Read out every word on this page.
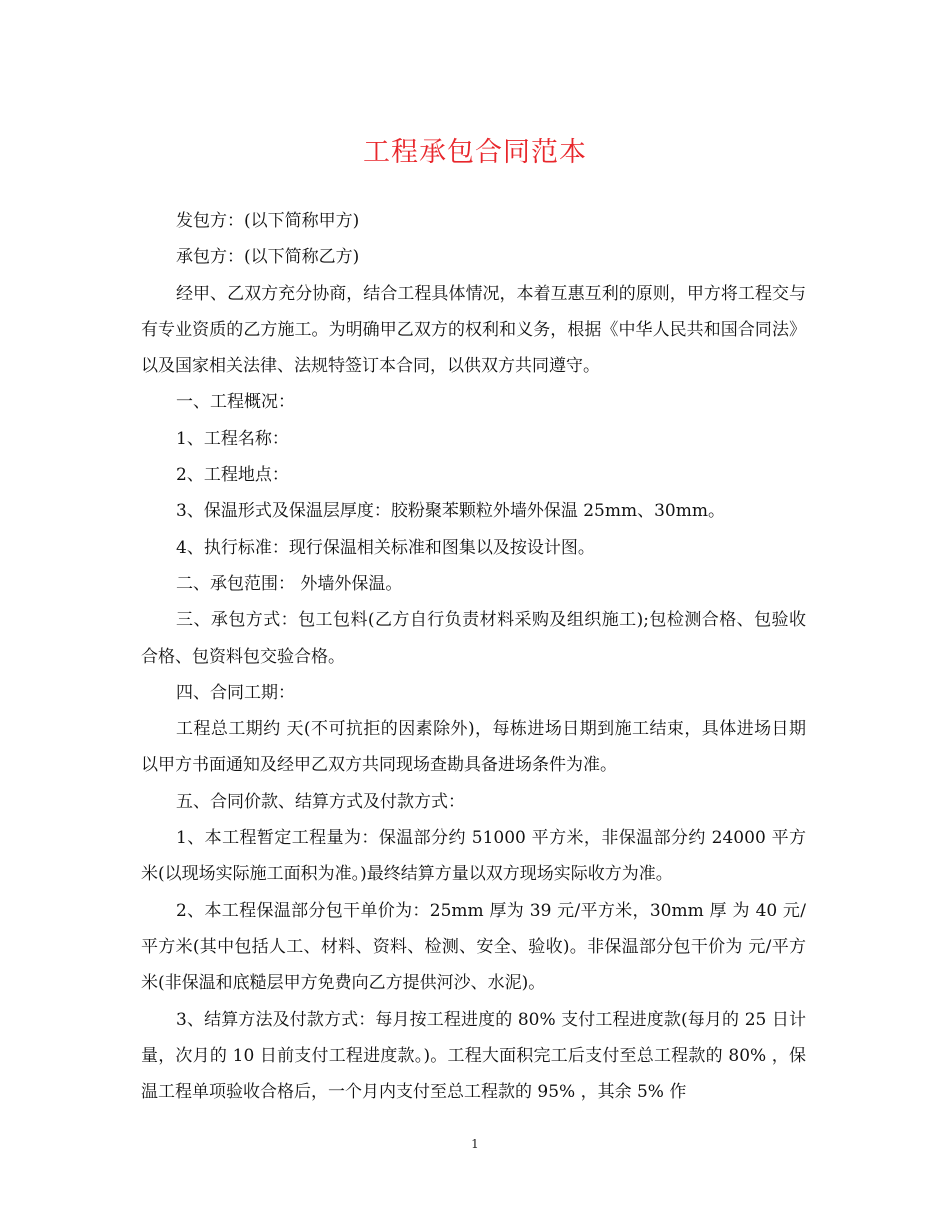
工程承包合同范本

发包方：(以下简称甲方)

承包方：(以下简称乙方)

经甲、乙双方充分协商，结合工程具体情况，本着互惠互利的原则，甲方将工程交与有专业资质的乙方施工。为明确甲乙双方的权利和义务，根据《中华人民共和国合同法》以及国家相关法律、法规特签订本合同，以供双方共同遵守。

一、工程概况：

1、工程名称：

2、工程地点：

3、保温形式及保温层厚度：胶粉聚苯颗粒外墙外保温 25mm、30mm。

4、执行标准：现行保温相关标准和图集以及按设计图。

二、承包范围： 外墙外保温。

三、承包方式：包工包料(乙方自行负责材料采购及组织施工);包检测合格、包验收合格、包资料包交验合格。

四、合同工期：

工程总工期约 天(不可抗拒的因素除外)，每栋进场日期到施工结束，具体进场日期以甲方书面通知及经甲乙双方共同现场查勘具备进场条件为准。

五、合同价款、结算方式及付款方式：

1、本工程暂定工程量为：保温部分约 51000 平方米，非保温部分约 24000 平方米(以现场实际施工面积为准。)最终结算方量以双方现场实际收方为准。

2、本工程保温部分包干单价为：25mm 厚为 39 元/平方米，30mm 厚 为 40 元/平方米(其中包括人工、材料、资料、检测、安全、验收)。非保温部分包干价为 元/平方米(非保温和底糙层甲方免费向乙方提供河沙、水泥)。

3、结算方法及付款方式：每月按工程进度的 80% 支付工程进度款(每月的 25 日计量，次月的 10 日前支付工程进度款。)。工程大面积完工后支付至总工程款的 80% ，保温工程单项验收合格后，一个月内支付至总工程款的 95% ，其余 5% 作

1
